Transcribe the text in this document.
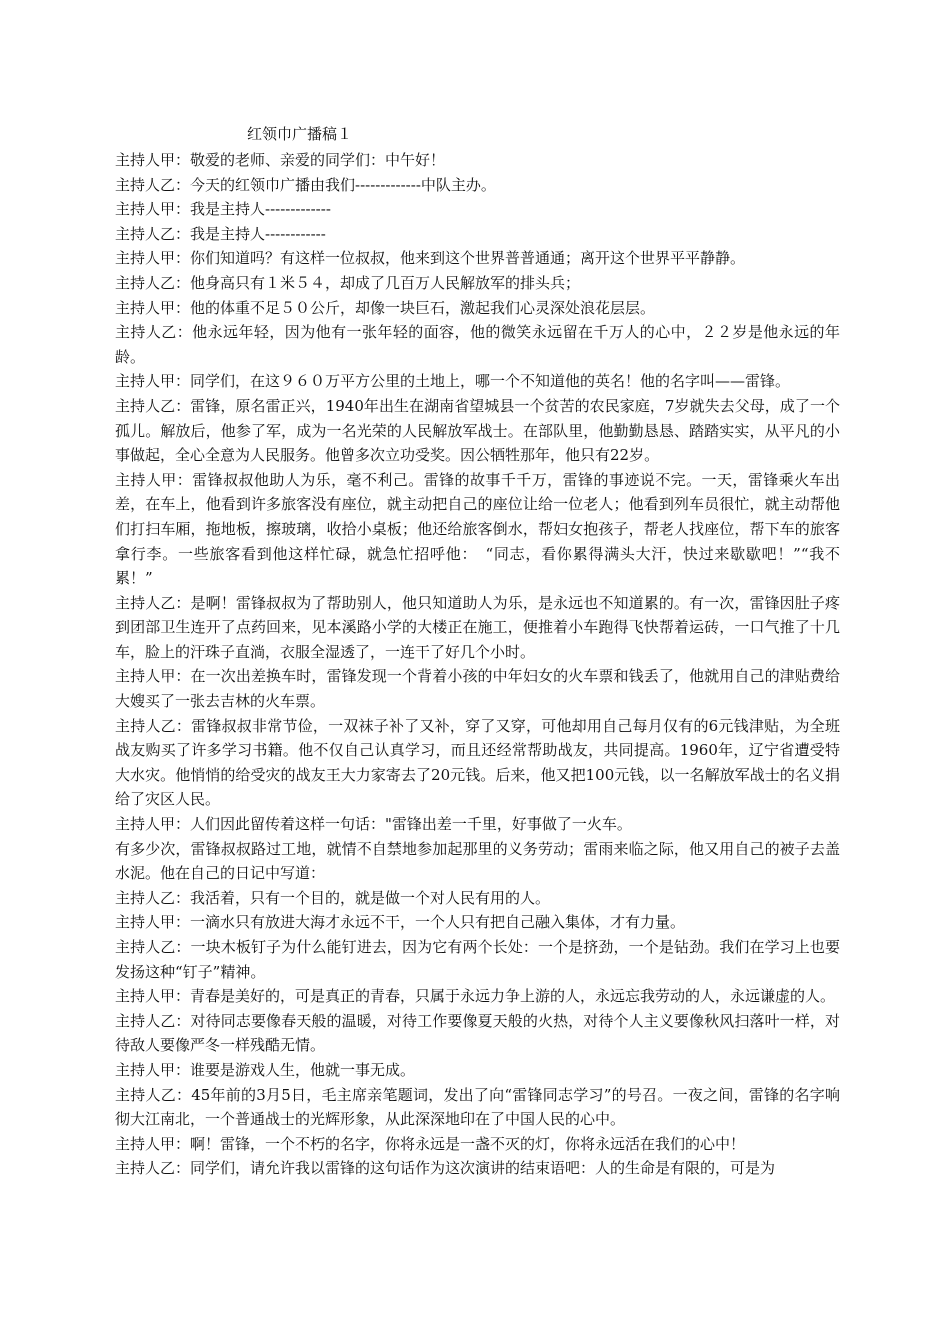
红领巾广播稿１

主持人甲：敬爱的老师、亲爱的同学们：中午好！

主持人乙：今天的红领巾广播由我们-------------中队主办。

主持人甲：我是主持人-------------

主持人乙：我是主持人------------

主持人甲：你们知道吗？有这样一位叔叔，他来到这个世界普普通通；离开这个世界平平静静。

主持人乙：他身高只有１米５４，却成了几百万人民解放军的排头兵；

主持人甲：他的体重不足５０公斤，却像一块巨石，激起我们心灵深处浪花层层。

主持人乙：他永远年轻，因为他有一张年轻的面容，他的微笑永远留在千万人的心中，２２岁是他永远的年龄。

主持人甲：同学们，在这９６０万平方公里的土地上，哪一个不知道他的英名！他的名字叫——雷锋。

主持人乙：雷锋，原名雷正兴，1940年出生在湖南省望城县一个贫苦的农民家庭，7岁就失去父母，成了一个孤儿。解放后，他参了军，成为一名光荣的人民解放军战士。在部队里，他勤勤恳恳、踏踏实实，从平凡的小事做起，全心全意为人民服务。他曾多次立功受奖。因公牺牲那年，他只有22岁。

主持人甲：雷锋叔叔他助人为乐，毫不利己。雷锋的故事千千万，雷锋的事迹说不完。一天，雷锋乘火车出差，在车上，他看到许多旅客没有座位，就主动把自己的座位让给一位老人；他看到列车员很忙，就主动帮他们打扫车厢，拖地板，擦玻璃，收拾小桌板；他还给旅客倒水，帮妇女抱孩子，帮老人找座位，帮下车的旅客拿行李。一些旅客看到他这样忙碌，就急忙招呼他：　“同志，看你累得满头大汗，快过来歇歇吧！”“我不累！”

主持人乙：是啊！雷锋叔叔为了帮助别人，他只知道助人为乐，是永远也不知道累的。有一次，雷锋因肚子疼到团部卫生连开了点药回来，见本溪路小学的大楼正在施工，便推着小车跑得飞快帮着运砖，一口气推了十几车，脸上的汗珠子直淌，衣服全湿透了，一连干了好几个小时。

主持人甲：在一次出差换车时，雷锋发现一个背着小孩的中年妇女的火车票和钱丢了，他就用自己的津贴费给大嫂买了一张去吉林的火车票。

主持人乙：雷锋叔叔非常节俭，一双袜子补了又补，穿了又穿，可他却用自己每月仅有的6元钱津贴，为全班战友购买了许多学习书籍。他不仅自己认真学习，而且还经常帮助战友，共同提高。1960年，辽宁省遭受特大水灾。他悄悄的给受灾的战友王大力家寄去了20元钱。后来，他又把100元钱，以一名解放军战士的名义捐给了灾区人民。

主持人甲：人们因此留传着这样一句话："雷锋出差一千里，好事做了一火车。

有多少次，雷锋叔叔路过工地，就情不自禁地参加起那里的义务劳动；雷雨来临之际，他又用自己的被子去盖水泥。他在自己的日记中写道：

主持人乙：我活着，只有一个目的，就是做一个对人民有用的人。

主持人甲：一滴水只有放进大海才永远不干，一个人只有把自己融入集体，才有力量。

主持人乙：一块木板钉子为什么能钉进去，因为它有两个长处：一个是挤劲，一个是钻劲。我们在学习上也要发扬这种“钉子”精神。

主持人甲：青春是美好的，可是真正的青春，只属于永远力争上游的人，永远忘我劳动的人，永远谦虚的人。

主持人乙：对待同志要像春天般的温暖，对待工作要像夏天般的火热，对待个人主义要像秋风扫落叶一样，对待敌人要像严冬一样残酷无情。

主持人甲：谁要是游戏人生，他就一事无成。

主持人乙：45年前的3月5日，毛主席亲笔题词，发出了向“雷锋同志学习”的号召。一夜之间，雷锋的名字响彻大江南北，一个普通战士的光辉形象，从此深深地印在了中国人民的心中。

主持人甲：啊！雷锋，一个不朽的名字，你将永远是一盏不灭的灯，你将永远活在我们的心中！

主持人乙：同学们，请允许我以雷锋的这句话作为这次演讲的结束语吧：人的生命是有限的，可是为
